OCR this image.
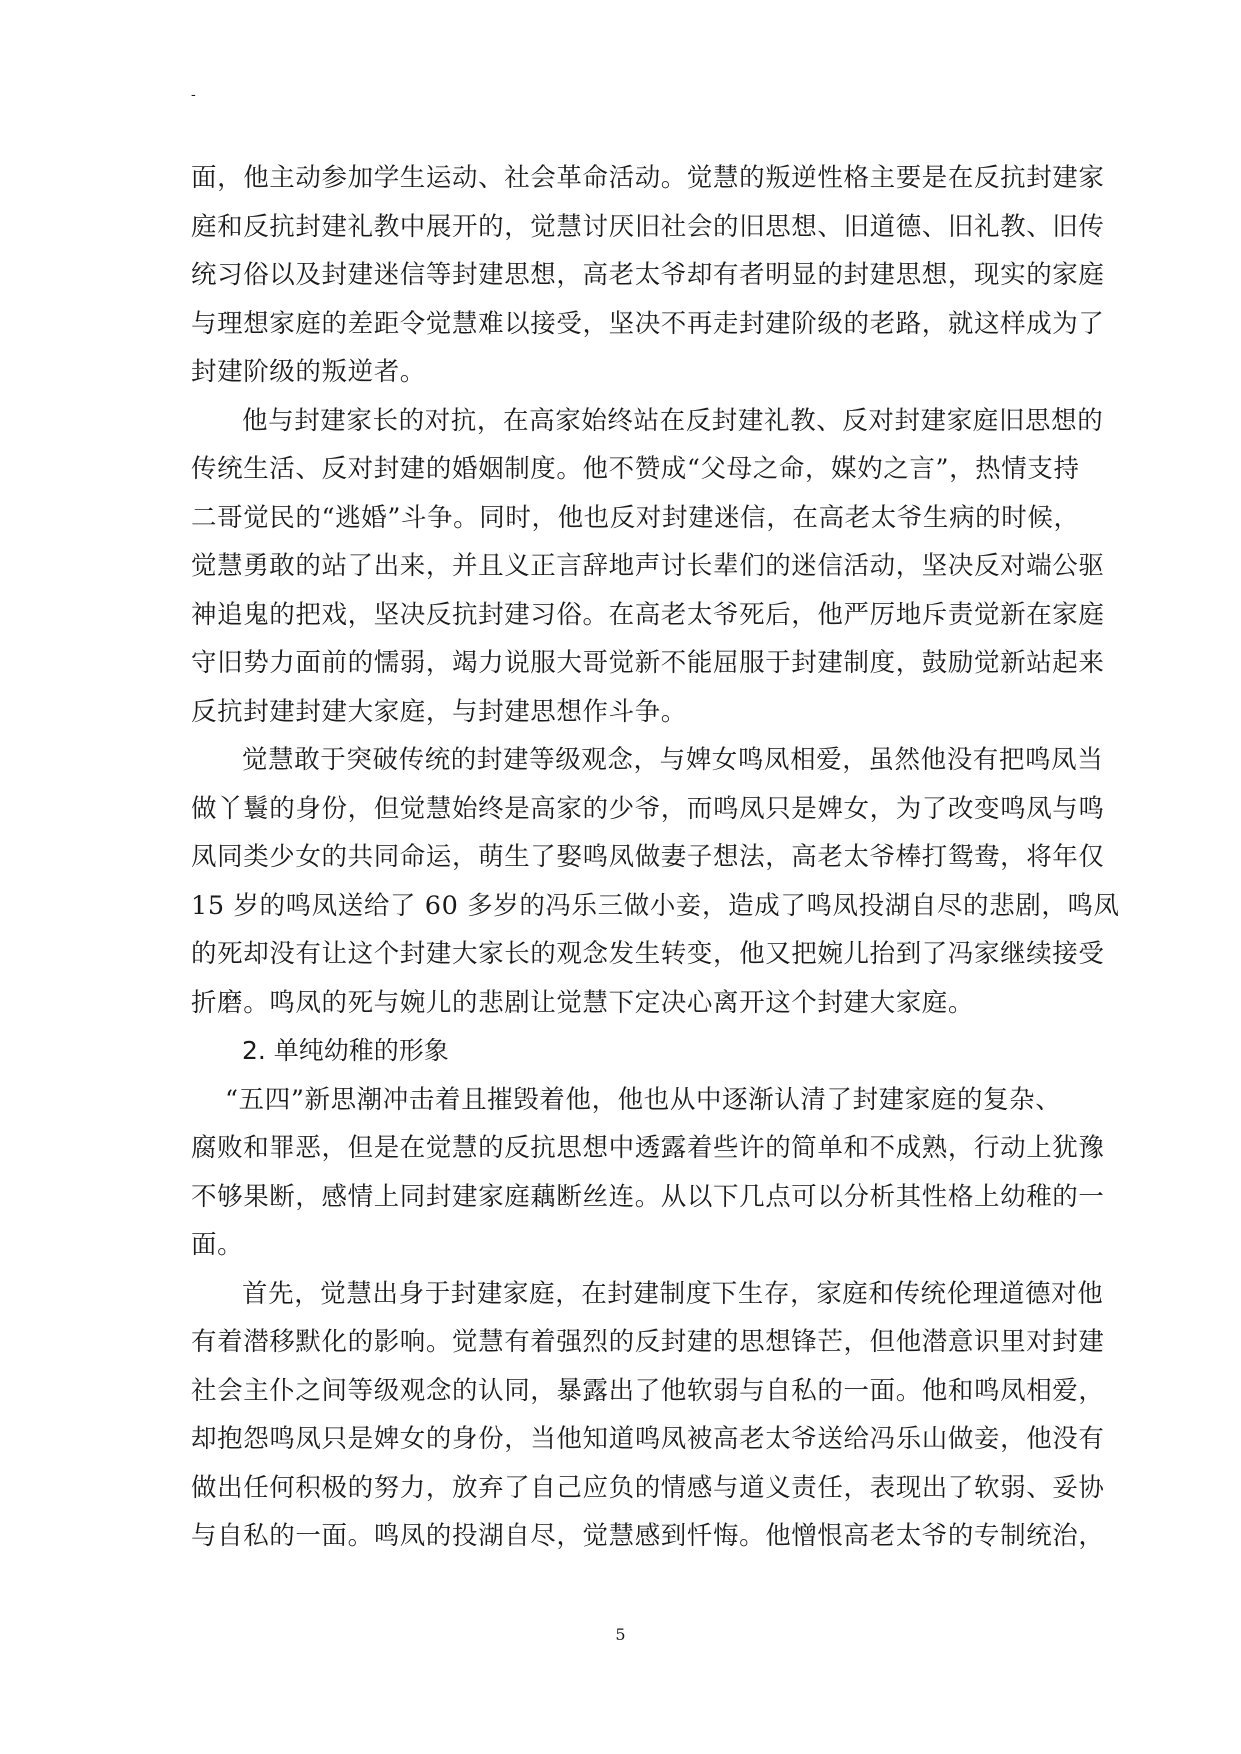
-

面，他主动参加学生运动、社会革命活动。觉慧的叛逆性格主要是在反抗封建家
庭和反抗封建礼教中展开的，觉慧讨厌旧社会的旧思想、旧道德、旧礼教、旧传
统习俗以及封建迷信等封建思想，高老太爷却有者明显的封建思想，现实的家庭
与理想家庭的差距令觉慧难以接受，坚决不再走封建阶级的老路，就这样成为了
封建阶级的叛逆者。

他与封建家长的对抗，在高家始终站在反封建礼教、反对封建家庭旧思想的
传统生活、反对封建的婚姻制度。他不赞成“父母之命，媒妁之言”，热情支持
二哥觉民的“逃婚”斗争。同时，他也反对封建迷信，在高老太爷生病的时候，
觉慧勇敢的站了出来，并且义正言辞地声讨长辈们的迷信活动，坚决反对端公驱
神追鬼的把戏，坚决反抗封建习俗。在高老太爷死后，他严厉地斥责觉新在家庭
守旧势力面前的懦弱，竭力说服大哥觉新不能屈服于封建制度，鼓励觉新站起来
反抗封建封建大家庭，与封建思想作斗争。

觉慧敢于突破传统的封建等级观念，与婢女鸣凤相爱，虽然他没有把鸣凤当
做丫鬟的身份，但觉慧始终是高家的少爷，而鸣凤只是婢女，为了改变鸣凤与鸣
凤同类少女的共同命运，萌生了娶鸣凤做妻子想法，高老太爷棒打鸳鸯，将年仅
15 岁的鸣凤送给了 60 多岁的冯乐三做小妾，造成了鸣凤投湖自尽的悲剧，鸣凤
的死却没有让这个封建大家长的观念发生转变，他又把婉儿抬到了冯家继续接受
折磨。鸣凤的死与婉儿的悲剧让觉慧下定决心离开这个封建大家庭。

2. 单纯幼稚的形象

“五四”新思潮冲击着且摧毁着他，他也从中逐渐认清了封建家庭的复杂、
腐败和罪恶，但是在觉慧的反抗思想中透露着些许的简单和不成熟，行动上犹豫
不够果断，感情上同封建家庭藕断丝连。从以下几点可以分析其性格上幼稚的一
面。

首先，觉慧出身于封建家庭，在封建制度下生存，家庭和传统伦理道德对他
有着潜移默化的影响。觉慧有着强烈的反封建的思想锋芒，但他潜意识里对封建
社会主仆之间等级观念的认同，暴露出了他软弱与自私的一面。他和鸣凤相爱，
却抱怨鸣凤只是婢女的身份，当他知道鸣凤被高老太爷送给冯乐山做妾，他没有
做出任何积极的努力，放弃了自己应负的情感与道义责任，表现出了软弱、妥协
与自私的一面。鸣凤的投湖自尽，觉慧感到忏悔。他憎恨高老太爷的专制统治，

5
